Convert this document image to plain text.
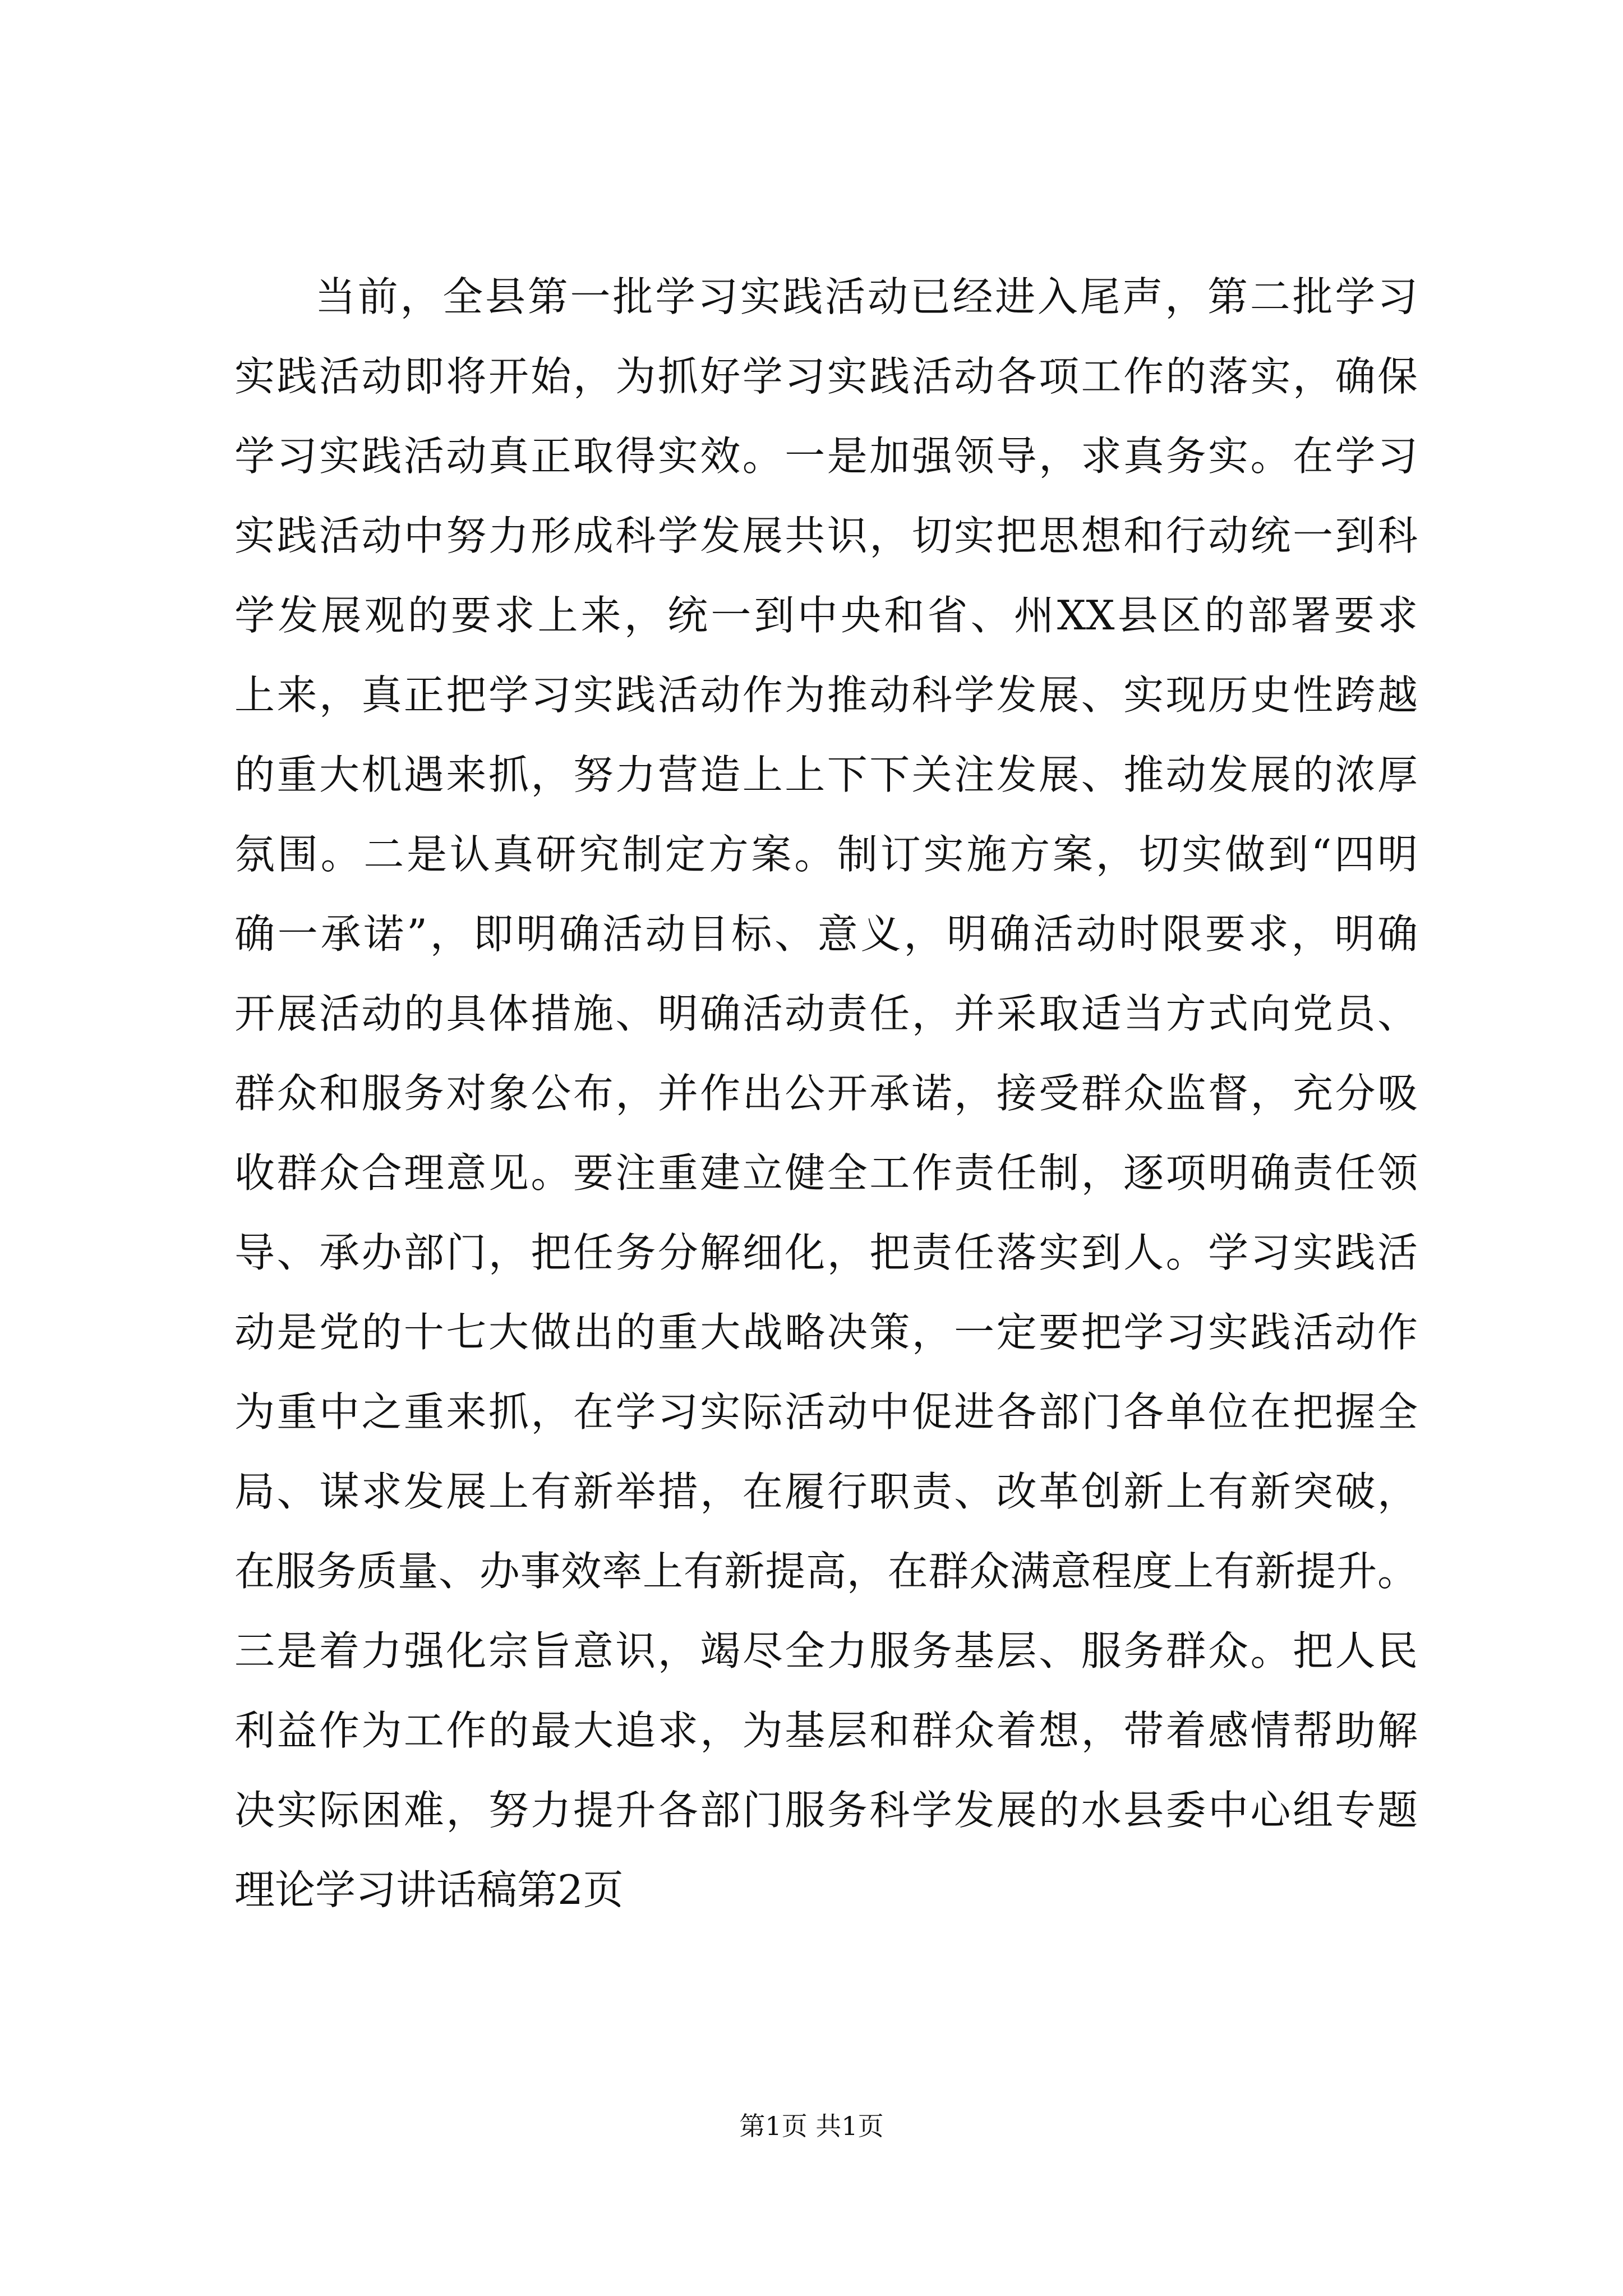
当前，全县第一批学习实践活动已经进入尾声，第二批学习
实践活动即将开始，为抓好学习实践活动各项工作的落实，确保
学习实践活动真正取得实效。一是加强领导，求真务实。在学习
实践活动中努力形成科学发展共识，切实把思想和行动统一到科
学发展观的要求上来，统一到中央和省、州XX县区的部署要求
上来，真正把学习实践活动作为推动科学发展、实现历史性跨越
的重大机遇来抓，努力营造上上下下关注发展、推动发展的浓厚
氛围。二是认真研究制定方案。制订实施方案，切实做到“四明
确一承诺”，即明确活动目标、意义，明确活动时限要求，明确
开展活动的具体措施、明确活动责任，并采取适当方式向党员、
群众和服务对象公布，并作出公开承诺，接受群众监督，充分吸
收群众合理意见。要注重建立健全工作责任制，逐项明确责任领
导、承办部门，把任务分解细化，把责任落实到人。学习实践活
动是党的十七大做出的重大战略决策，一定要把学习实践活动作
为重中之重来抓，在学习实际活动中促进各部门各单位在把握全
局、谋求发展上有新举措，在履行职责、改革创新上有新突破，
在服务质量、办事效率上有新提高，在群众满意程度上有新提升。
三是着力强化宗旨意识，竭尽全力服务基层、服务群众。把人民
利益作为工作的最大追求，为基层和群众着想，带着感情帮助解
决实际困难，努力提升各部门服务科学发展的水县委中心组专题
理论学习讲话稿第2页
第1页 共1页
